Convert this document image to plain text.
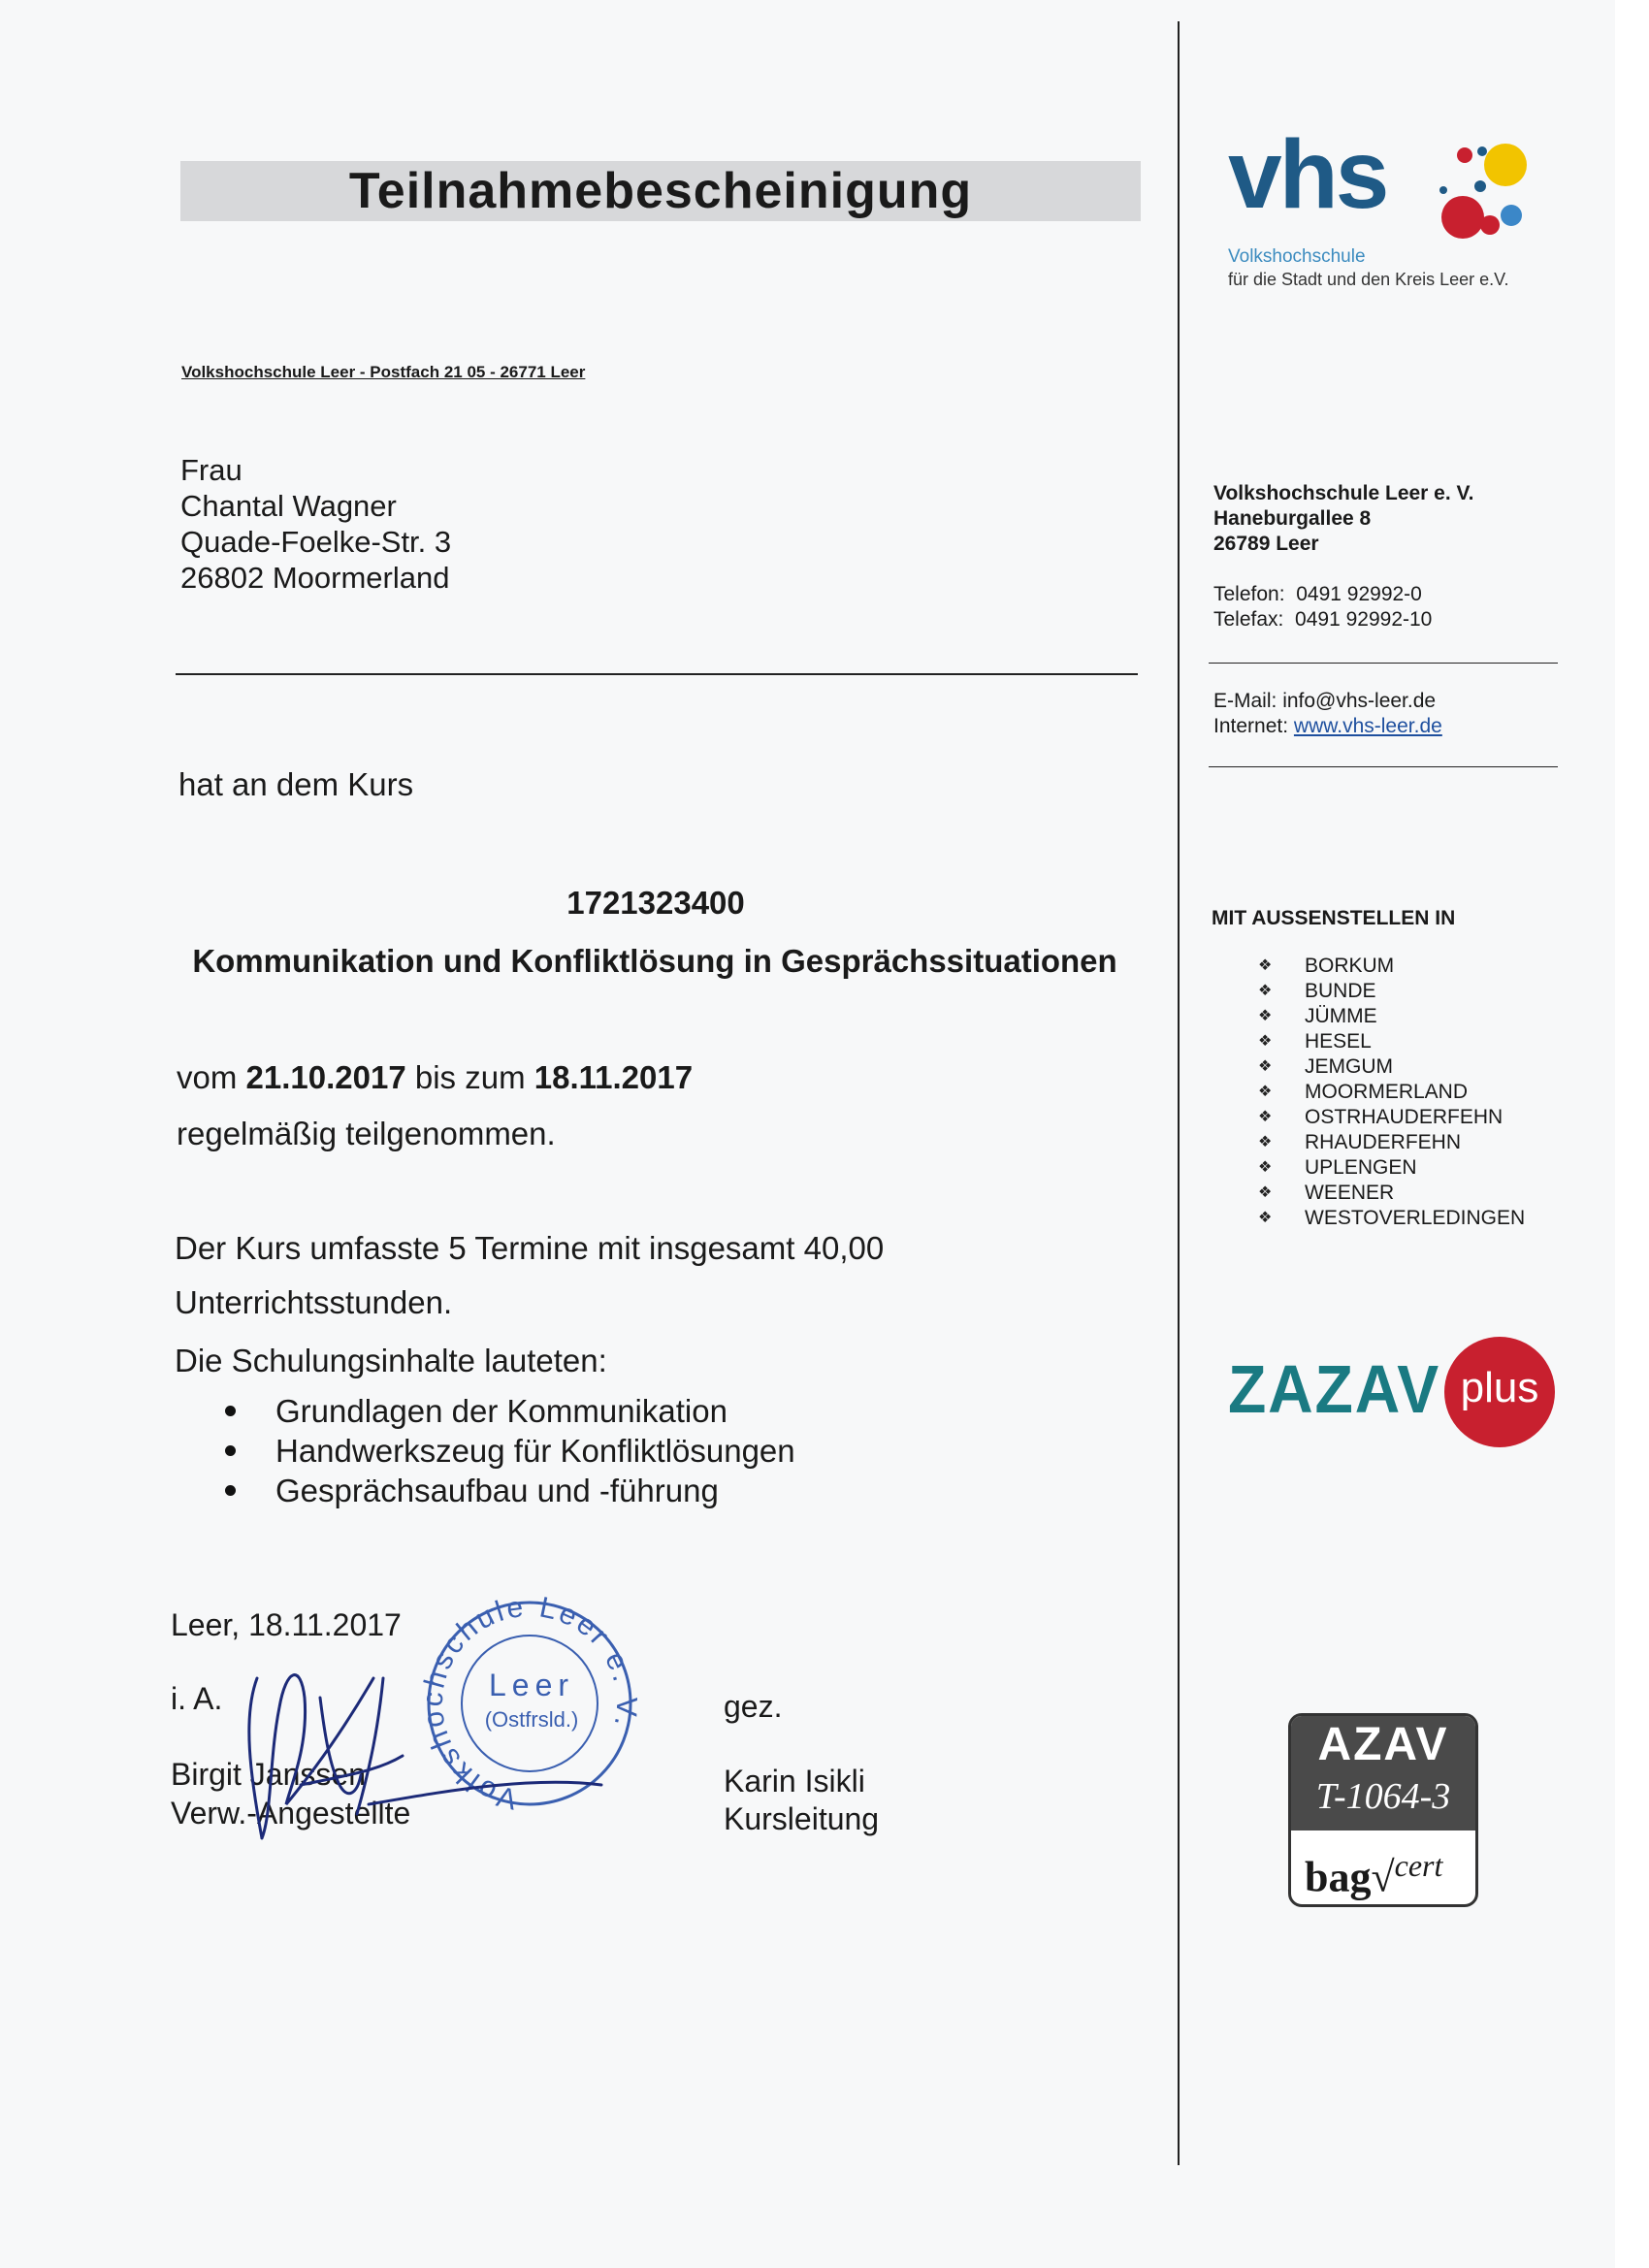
Teilnahmebescheinigung
Volkshochschule Leer - Postfach 21 05 - 26771 Leer
Frau
Chantal Wagner
Quade-Foelke-Str. 3
26802 Moormerland
hat an dem Kurs
1721323400
Kommunikation und Konfliktlösung in Gesprächssituationen
vom 21.10.2017 bis zum 18.11.2017
regelmäßig teilgenommen.
Der Kurs umfasste 5 Termine mit insgesamt 40,00
Unterrichtsstunden.
Die Schulungsinhalte lauteten:
Grundlagen der Kommunikation
Handwerkszeug für Konfliktlösungen
Gesprächsaufbau und -führung
Leer, 18.11.2017
i. A.
Birgit Janssen
Verw.-Angestellte
gez.
Karin Isikli
Kursleitung
Volkshochschule Leer e. V.
Leer
(Ostfrsld.)
vhs
Volkshochschule
für die Stadt und den Kreis Leer e.V.
Volkshochschule Leer e. V.
Haneburgallee 8
26789 Leer
Telefon: 0491 92992-0
Telefax: 0491 92992-10
E-Mail: info@vhs-leer.de
Internet: www.vhs-leer.de
MIT AUSSENSTELLEN IN
❖ BORKUM
❖ BUNDE
❖ JÜMME
❖ HESEL
❖ JEMGUM
❖ MOORMERLAND
❖ OSTRHAUDERFEHN
❖ RHAUDERFEHN
❖ UPLENGEN
❖ WEENER
❖ WESTOVERLEDINGEN
ZAZAV plus
AZAV
T-1064-3
bag√$^{cert}$
